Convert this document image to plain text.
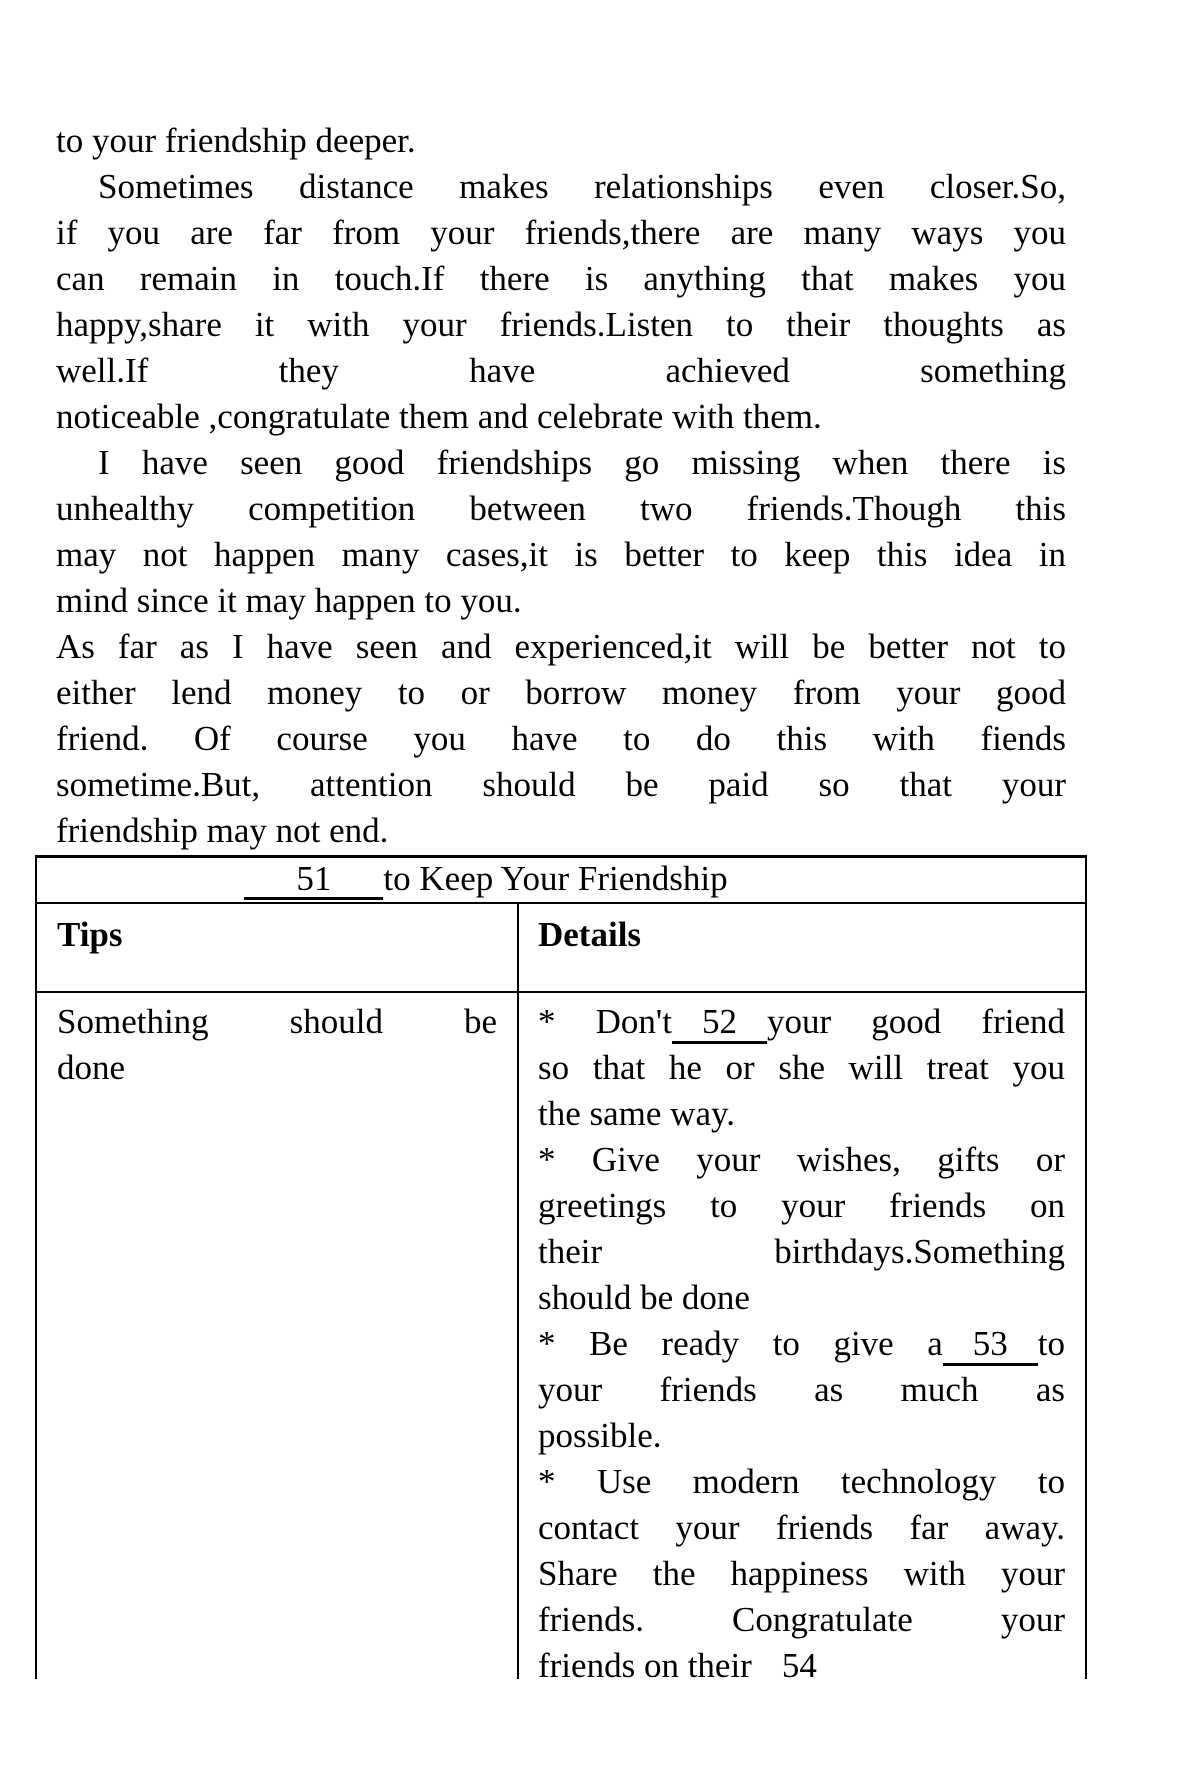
to your friendship deeper.
Sometimes distance makes relationships even closer.So,
if you are far from your friends,there are many ways you
can remain in touch.If there is anything that makes you
happy,share it with your friends.Listen to their thoughts as
well.If they have achieved something
noticeable ,congratulate them and celebrate with them.
I have seen good friendships go missing when there is
unhealthy competition between two friends.Though this
may not happen many cases,it is better to keep this idea in
mind since it may happen to you.
As far as I have seen and experienced,it will be better not to
either lend money to or borrow money from your good
friend. Of course you have to do this with fiends
sometime.But, attention should be paid so that your
friendship may not end.
51 to Keep Your Friendship
Tips	Details
Something should be
done
* Don't 52 your good friend
so that he or she will treat you
the same way.
* Give your wishes, gifts or
greetings to your friends on
their birthdays.Something
should be done
* Be ready to give a 53 to
your friends as much as
possible.
* Use modern technology to
contact your friends far away.
Share the happiness with your
friends. Congratulate your
friends on their 54
